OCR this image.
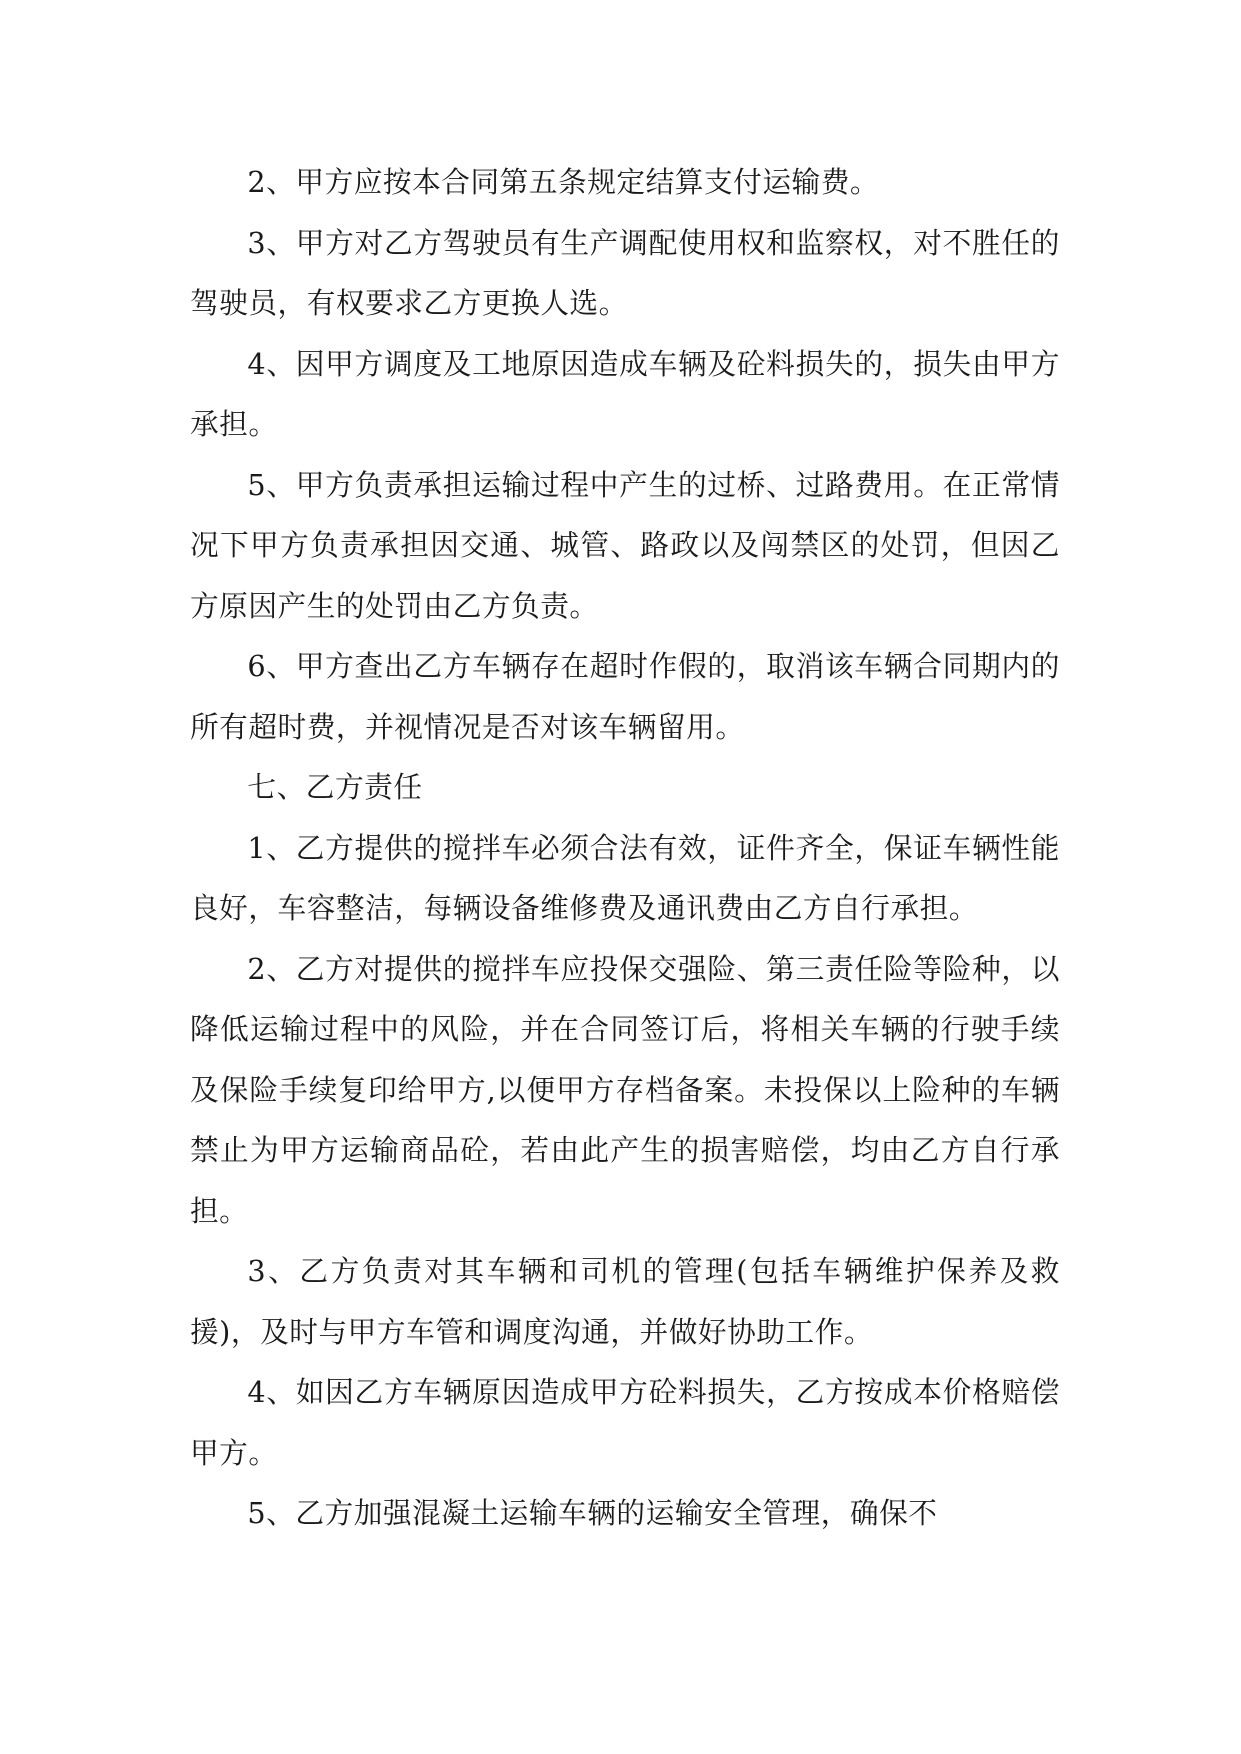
2、甲方应按本合同第五条规定结算支付运输费。

3、甲方对乙方驾驶员有生产调配使用权和监察权，对不胜任的驾驶员，有权要求乙方更换人选。

4、因甲方调度及工地原因造成车辆及砼料损失的，损失由甲方承担。

5、甲方负责承担运输过程中产生的过桥、过路费用。在正常情况下甲方负责承担因交通、城管、路政以及闯禁区的处罚，但因乙方原因产生的处罚由乙方负责。

6、甲方查出乙方车辆存在超时作假的，取消该车辆合同期内的所有超时费，并视情况是否对该车辆留用。

七、乙方责任

1、乙方提供的搅拌车必须合法有效，证件齐全，保证车辆性能良好，车容整洁，每辆设备维修费及通讯费由乙方自行承担。

2、乙方对提供的搅拌车应投保交强险、第三责任险等险种，以降低运输过程中的风险，并在合同签订后，将相关车辆的行驶手续及保险手续复印给甲方,以便甲方存档备案。未投保以上险种的车辆禁止为甲方运输商品砼，若由此产生的损害赔偿，均由乙方自行承担。

3、乙方负责对其车辆和司机的管理(包括车辆维护保养及救援)，及时与甲方车管和调度沟通，并做好协助工作。

4、如因乙方车辆原因造成甲方砼料损失，乙方按成本价格赔偿甲方。

5、乙方加强混凝土运输车辆的运输安全管理，确保不
